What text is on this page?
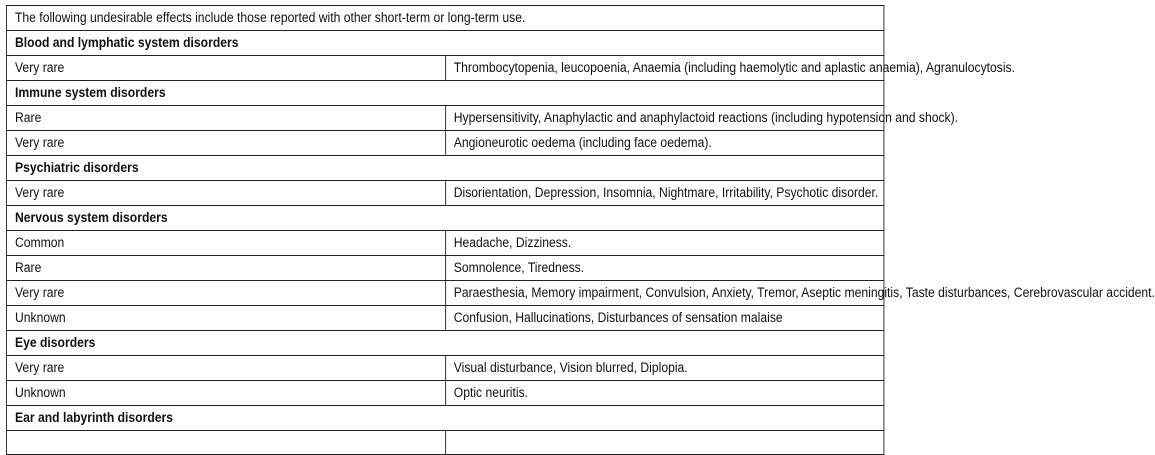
The following undesirable effects include those reported with other short-term or long-term use.	
Blood and lymphatic system disorders	
Very rare	Thrombocytopenia, leucopoenia, Anaemia (including haemolytic and aplastic anaemia), Agranulocytosis.
Immune system disorders	
Rare	Hypersensitivity, Anaphylactic and anaphylactoid reactions (including hypotension and shock).
Very rare	Angioneurotic oedema (including face oedema).
Psychiatric disorders	
Very rare	Disorientation, Depression, Insomnia, Nightmare, Irritability, Psychotic disorder.
Nervous system disorders	
Common	Headache, Dizziness.
Rare	Somnolence, Tiredness.
Very rare	Paraesthesia, Memory impairment, Convulsion, Anxiety, Tremor, Aseptic meningitis, Taste disturbances, Cerebrovascular accident.
Unknown	Confusion, Hallucinations, Disturbances of sensation malaise
Eye disorders	
Very rare	Visual disturbance, Vision blurred, Diplopia.
Unknown	Optic neuritis.
Ear and labyrinth disorders	
